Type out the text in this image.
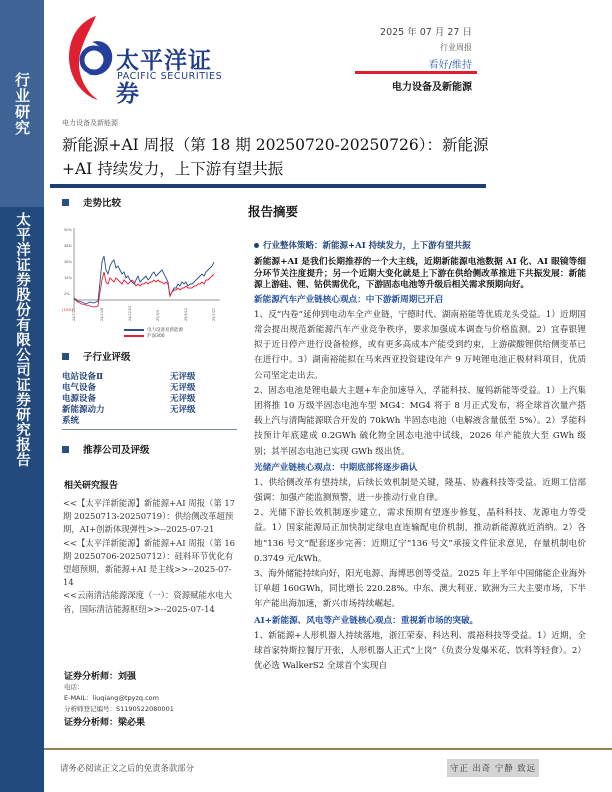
行业研究
太平洋证券股份有限公司证券研究报告
太平洋证券
PACIFIC SECURITIES
2025 年 07 月 27 日
行业周报
看好/维持
电力设备及新能源
电力设备及新能源
新能源+AI 周报（第 18 期 20250720-20250726）：新能源+AI 持续发力，上下游有望共振
走势比较
50%
38%
26%
14%
2%
(10%) 24/7/26	24/10/8	24/12/20	25/3/3	25/5/15	25/7/27
电力设备及新能源
沪深300
子行业评级
电站设备Ⅱ	无评级
电气设备	无评级
电源设备	无评级
新能源动力	无评级
系统
推荐公司及评级
相关研究报告
<<【太平洋新能源】新能源+AI 周报（第 17 期 20250713-20250719）：供给侧改革超预期，AI+创新体现弹性>>--2025-07-21
<<【太平洋新能源】新能源+AI 周报（第 16 期 20250706-20250712）：硅料环节优化有望超预期，新能源+AI 是主线>>--2025-07-14
<<云南清洁能源深度（一）：资源赋能水电大省，国际清洁能源枢纽>>--2025-07-14
证券分析师：刘强
电话：
E-MAIL：liuqiang@tpyzq.com
分析师登记编号：S1190522080001
证券分析师：梁必果
报告摘要
行业整体策略：新能源+AI 持续发力，上下游有望共振
新能源+AI 是我们长期推荐的一个大主线，近期新能源电池数据 AI 化、AI 眼镜等细分环节关注度提升；另一个近期大变化就是上下游在供给侧改革推进下共振发展：新能源上游硅、锂、钴供需优化，下游固态电池等升级后相关需求预期向好。
新能源汽车产业链核心观点：中下游新周期已开启
1、反“内卷”延伸到电动车全产业链，宁德时代、湖南裕能等优质龙头受益。1）近期国常会提出规范新能源汽车产业竞争秩序，要求加强成本调查与价格监测。2）宜春银锂拟于近日停产进行设备检修，或有更多高成本产能受到约束，上游碳酸锂供给侧变革已在进行中。3）湖南裕能拟在马来西亚投资建设年产 9 万吨锂电池正极材料项目，优质公司坚定走出去。
2、固态电池是锂电最大主题+车企加速导入，孚能科技、厦钨新能等受益。1）上汽集团将推 10 万级半固态电池车型 MG4：MG4 将于 8 月正式发布，将全球首次量产搭载上汽与清陶能源联合开发的 70kWh 半固态电池（电解液含量低至 5%）。2）孚能科技预计年底建成 0.2GWh 硫化物全固态电池中试线，2026 年产能放大至 GWh 级别；其半固态电池已实现 GWh 级出货。
光储产业链核心观点：中期底部将逐步确认
1、供给侧改革有望持续，后续长效机制是关键，隆基、协鑫科技等受益。近期工信部强调：加强产能监测预警，进一步推动行业自律。
2、光储下游长效机制逐步建立，需求预期有望逐步修复，晶科科技、龙源电力等受益。1）国家能源局正加快制定绿电直连输配电价机制，推动新能源就近消纳。2）各地“136 号文”配套逐步完善：近期辽宁“136 号文”承接文件征求意见，存量机制电价 0.3749 元/kWh。
3、海外储能持续向好，阳光电源、海博思创等受益。2025 年上半年中国储能企业海外订单超 160GWh，同比增长 220.28%。中东、澳大利亚、欧洲为三大主要市场，下半年产能出海加速，新兴市场持续崛起。
AI+新能源、风电等产业链核心观点：重视新市场的突破。
1、新能源+人形机器人持续落地，浙江荣泰、科达利、震裕科技等受益。1）近期，全球首家特斯拉餐厅开张，人形机器人正式“上岗”（负责分发爆米花、饮料等轻食）。2）优必选 WalkerS2 全球首个实现自
请务必阅读正文之后的免责条款部分	守正 出奇 宁静 致远
